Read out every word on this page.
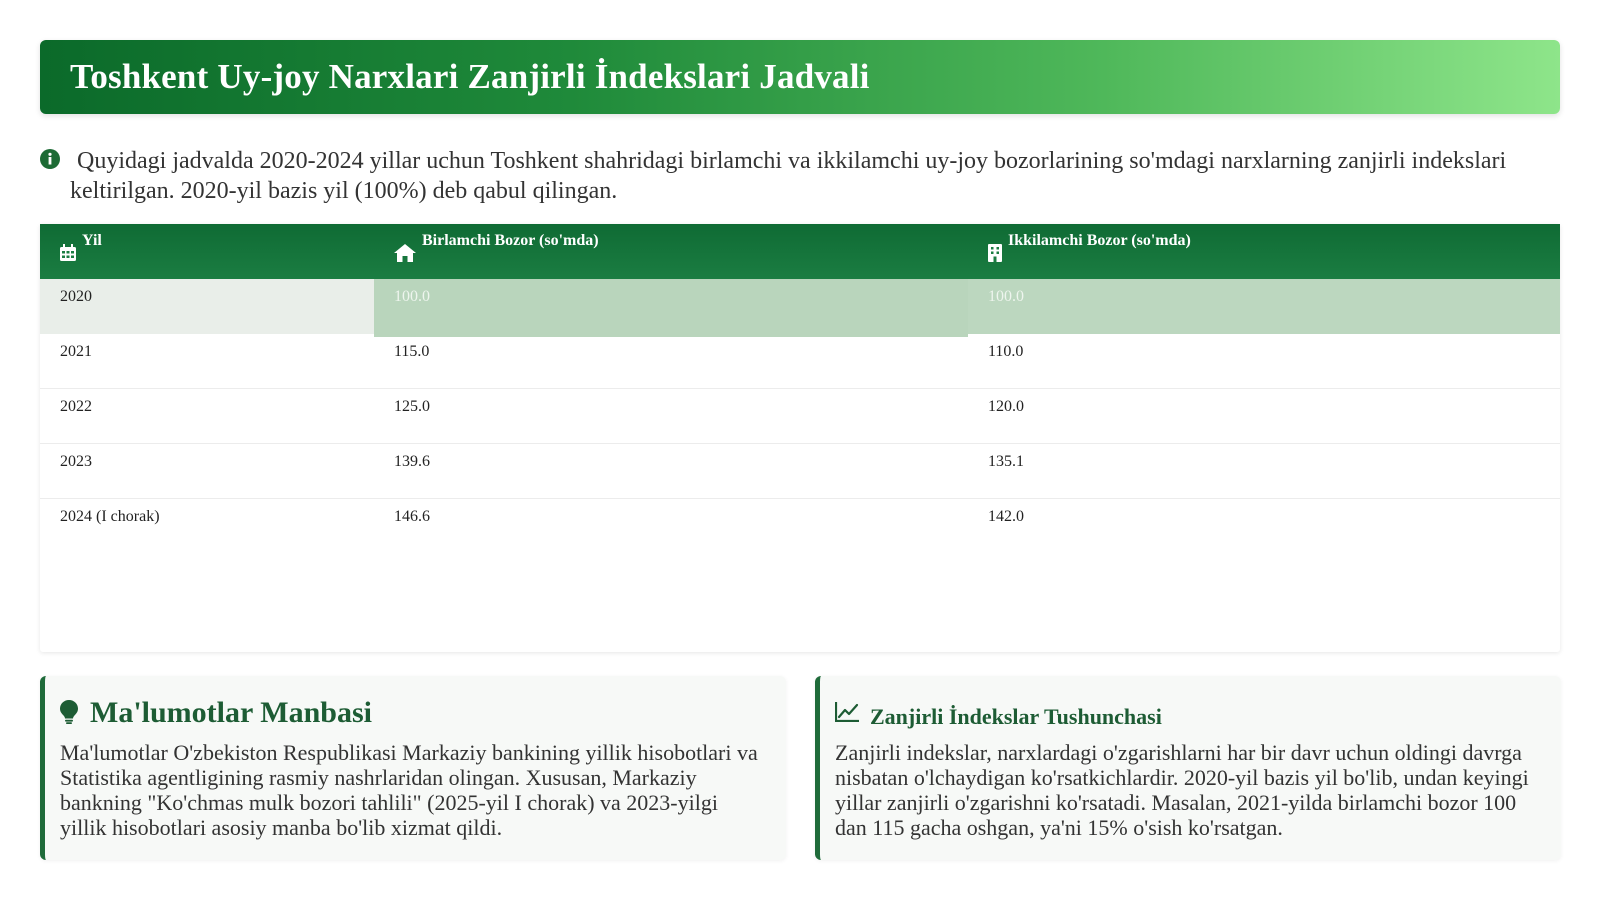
Toshkent Uy-joy Narxlari Zanjirli İndekslari Jadvali
Quyidagi jadvalda 2020-2024 yillar uchun Toshkent shahridagi birlamchi va ikkilamchi uy-joy bozorlarining so'mdagi narxlarning zanjirli indekslari keltirilgan. 2020-yil bazis yil (100%) deb qabul qilingan.
Yil	Birlamchi Bozor (so'mda)	Ikkilamchi Bozor (so'mda)
2020	100.0	100.0
2021	115.0	110.0
2022	125.0	120.0
2023	139.6	135.1
2024 (I chorak)	146.6	142.0
Ma'lumotlar Manbasi

Ma'lumotlar O'zbekiston Respublikasi Markaziy bankining yillik hisobotlari va Statistika agentligining rasmiy nashrlaridan olingan. Xususan, Markaziy bankning "Ko'chmas mulk bozori tahlili" (2025-yil I chorak) va 2023-yilgi yillik hisobotlari asosiy manba bo'lib xizmat qildi.

Zanjirli İndekslar Tushunchasi

Zanjirli indekslar, narxlardagi o'zgarishlarni har bir davr uchun oldingi davrga nisbatan o'lchaydigan ko'rsatkichlardir. 2020-yil bazis yil bo'lib, undan keyingi yillar zanjirli o'zgarishni ko'rsatadi. Masalan, 2021-yilda birlamchi bozor 100 dan 115 gacha oshgan, ya'ni 15% o'sish ko'rsatgan.
